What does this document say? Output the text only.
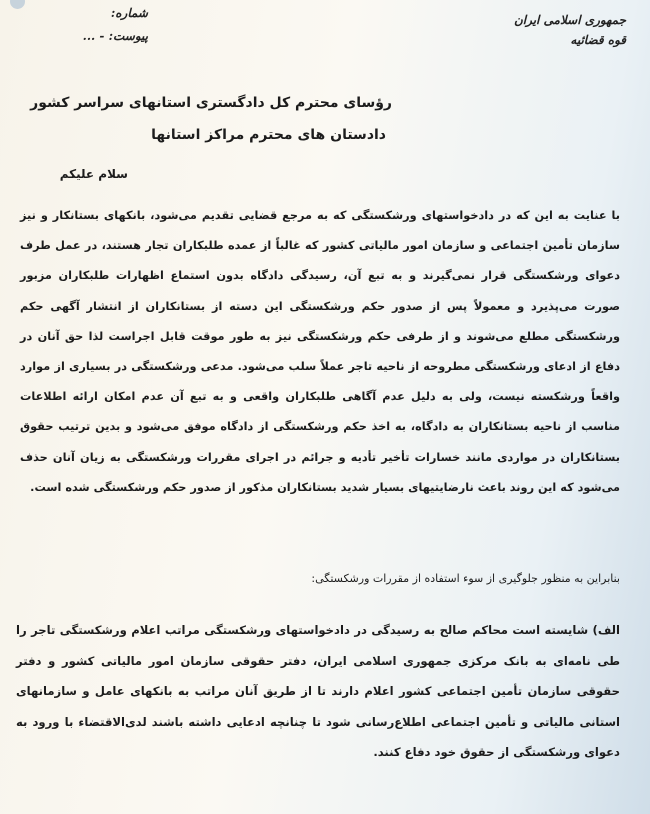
جمهوری اسلامی ایران
قوه قضائیه
شماره:
پیوست: - ...
رؤسای محترم کل دادگستری استانهای سراسر کشور
دادستان های محترم مراکز استانها
سلام علیکم
با عنایت به این که در دادخواستهای ورشکستگی که به مرجع قضایی تقدیم می‌شود، بانکهای بستانکار و نیز سازمان تأمین اجتماعی و سازمان امور مالیاتی کشور که غالباً از عمده طلبکاران تجار هستند، در عمل طرف دعوای ورشکستگی قرار نمی‌گیرند و به تبع آن، رسیدگی دادگاه بدون استماع اظهارات طلبکاران مزبور صورت می‌پذیرد و معمولاً پس از صدور حکم ورشکستگی این دسته از بستانکاران از انتشار آگهی حکم ورشکستگی مطلع می‌شوند و از طرفی حکم ورشکستگی نیز به طور موقت قابل اجراست لذا حق آنان در دفاع از ادعای ورشکستگی مطروحه از ناحیه تاجر عملاً سلب می‌شود. مدعی ورشکستگی در بسیاری از موارد واقعاً ورشکسته نیست، ولی به دلیل عدم آگاهی طلبکاران واقعی و به تبع آن عدم امکان ارائه اطلاعات مناسب از ناحیه بستانکاران به دادگاه، به اخذ حکم ورشکستگی از دادگاه موفق می‌شود و بدین ترتیب حقوق بستانکاران در مواردی مانند خسارات تأخیر تأدیه و جرائم در اجرای مقررات ورشکستگی به زیان آنان حذف می‌شود که این روند باعث نارضایتیهای بسیار شدید بستانکاران مذکور از صدور حکم ورشکستگی شده است.
بنابراین به منظور جلوگیری از سوء استفاده از مقررات ورشکستگی:
الف) شایسته است محاکم صالح به رسیدگی در دادخواستهای ورشکستگی مراتب اعلام ورشکستگی تاجر را طی نامه‌ای به بانک مرکزی جمهوری اسلامی ایران، دفتر حقوقی سازمان امور مالیاتی کشور و دفتر حقوقی سازمان تأمین اجتماعی کشور اعلام دارند تا از طریق آنان مراتب به بانکهای عامل و سازمانهای استانی مالیاتی و تأمین اجتماعی اطلاع‌رسانی شود تا چنانچه ادعایی داشته باشند لدی‌الاقتضاء با ورود به دعوای ورشکستگی از حقوق خود دفاع کنند.
